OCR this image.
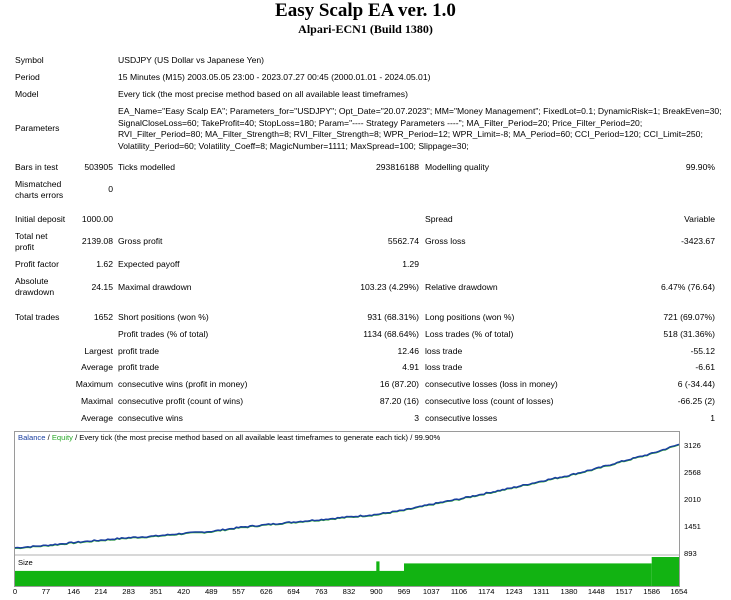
Easy Scalp EA ver. 1.0
Alpari-ECN1 (Build 1380)
Symbol	USDJPY (US Dollar vs Japanese Yen)
Period	15 Minutes (M15) 2003.05.05 23:00 - 2023.07.27 00:45 (2000.01.01 - 2024.05.01)
Model	Every tick (the most precise method based on all available least timeframes)
Parameters
EA_Name="Easy Scalp EA"; Parameters_for="USDJPY"; Opt_Date="20.07.2023"; MM="Money Management"; FixedLot=0.1; DynamicRisk=1; BreakEven=30; SignalCloseLoss=60; TakeProfit=40; StopLoss=180; Param="---- Strategy Parameters ----"; MA_Filter_Period=20; Price_Filter_Period=20; RVI_Filter_Period=80; MA_Filter_Strength=8; RVI_Filter_Strength=8; WPR_Period=12; WPR_Limit=-8; MA_Period=60; CCI_Period=120; CCI_Limit=250; Volatility_Period=60; Volatility_Coeff=8; MagicNumber=1111; MaxSpread=100; Slippage=30;
Bars in test	503905 Ticks modelled	293816188 Modelling quality	99.90%
Mismatched
charts errors
0
Initial deposit	1000.00	Spread	Variable
Total net
profit
2139.08 Gross profit	5562.74 Gross loss	-3423.67
Profit factor	1.62 Expected payoff	1.29
Absolute
drawdown	24.15 Maximal drawdown	103.23 (4.29%) Relative drawdown	6.47% (76.64)
Total trades	1652 Short positions (won %)	931 (68.31%) Long positions (won %)	721 (69.07%)
Profit trades (% of total)	1134 (68.64%) Loss trades (% of total)	518 (31.36%)
Largest profit trade	12.46 loss trade	-55.12
Average profit trade	4.91 loss trade	-6.61
Maximum consecutive wins (profit in money)	16 (87.20) consecutive losses (loss in money)	6 (-34.44)
Maximal consecutive profit (count of wins)	87.20 (16) consecutive loss (count of losses)	-66.25 (2)
Average consecutive wins	3 consecutive losses	1
Balance / Equity / Every tick (the most precise method based on all available least timeframes to generate each tick) / 99.90%
Size
893
1451
2010
2568
3126
0	77	146	214	283	351	420	489	557	626	694	763	832	900	969	1037	1106	1174	1243	1311	1380	1448	1517	1586	1654
